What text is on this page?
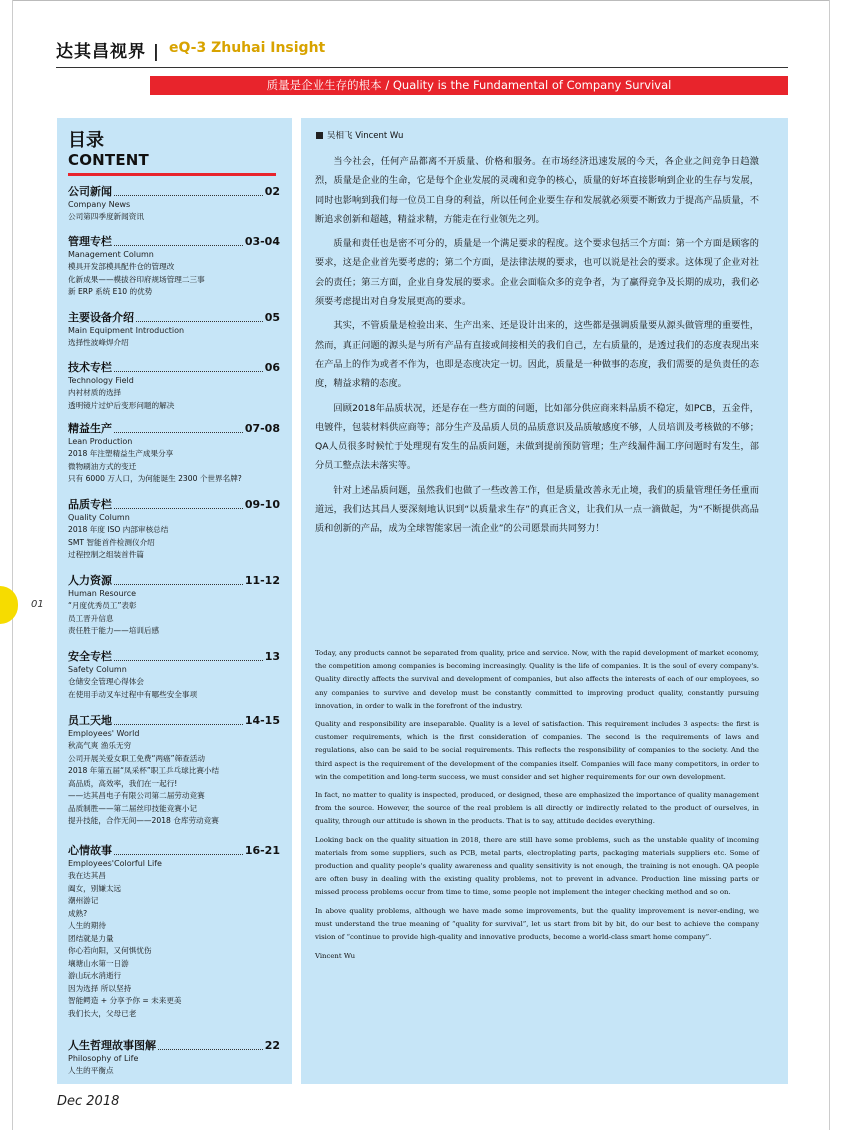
达其昌视界 | eQ-3 Zhuhai Insight
质量是企业生存的根本 / Quality is the Fundamental of Company Survival
目录
CONTENT
公司新闻	02
Company News
公司第四季度新闻资讯
管理专栏	03-04
Management Column
模具开发部模具配件仓的管理改
化新成果——模拔谷印府规场管理二三事
新 ERP 系统 E10 的优势
主要设备介绍	05
Main Equipment Introduction
选择性波峰焊介绍
技术专栏	06
Technology Field
内衬材质的选择
透明镜片过炉后变形问题的解决
精益生产	07-08
Lean Production
2018 年注塑精益生产成果分享
微物刷油方式的变迁
只有 6000 万人口，为何能诞生 2300 个世界名牌?
品质专栏	09-10
Quality Column
2018 年度 ISO 内部审核总结
SMT 智能首件检测仪介绍
过程控制之组装首件篇
人力资源	11-12
Human Resource
“月度优秀员工”表彰
员工晋升信息
责任胜于能力——培训后感
安全专栏	13
Safety Column
仓储安全管理心得体会
在使用手动叉车过程中有哪些安全事项
员工天地	14-15
Employees' World
秋高气爽 渔乐无穷
公司开展关爱女职工免费“两癌”筛查活动
2018 年第五届“凤采杯”职工乒乓球比赛小结
高品质，高效率，我们在一起行!
——达其昌电子有限公司第二届劳动竞赛
品质制胜——第二届丝印技能竞赛小记
提升技能，合作无间——2018 仓库劳动竞赛
心情故事	16-21
Employees'Colorful Life
我在达其昌
阖女，别嫌太远
潮州游记
成熟?
人生的期待
团结就是力量
你心若向阳，又何惧忧伤
壤塘山水第一日游
游山玩水消逝行
因为选择 所以坚持
智能鳄造 + 分享予你 = 未来更美
我们长大，父母已老
人生哲理故事图解	22
Philosophy of Life
人生的平衡点
吴相飞 Vincent Wu

当今社会，任何产品都离不开质量、价格和服务。在市场经济迅速发展的今天，各企业之间竞争日趋激烈，质量是企业的生命，它是每个企业发展的灵魂和竞争的核心，质量的好坏直接影响到企业的生存与发展，同时也影响到我们每一位员工自身的利益，所以任何企业要生存和发展就必须要不断致力于提高产品质量，不断追求创新和超越，精益求精，方能走在行业领先之列。

质量和责任也是密不可分的，质量是一个满足要求的程度。这个要求包括三个方面：第一个方面是顾客的要求，这是企业首先要考虑的；第二个方面，是法律法规的要求，也可以说是社会的要求。这体现了企业对社会的责任；第三方面，企业自身发展的要求。企业会面临众多的竞争者，为了赢得竞争及长期的成功，我们必须要考虑提出对自身发展更高的要求。

其实，不管质量是检验出来、生产出来、还是设计出来的，这些都是强调质量要从源头做管理的重要性，然而，真正问题的源头是与所有产品有直接或间接相关的我们自己，左右质量的，是透过我们的态度表现出来在产品上的作为或者不作为，也即是态度决定一切。因此，质量是一种做事的态度，我们需要的是负责任的态度，精益求精的态度。

回顾2018年品质状况，还是存在一些方面的问题，比如部分供应商来料品质不稳定，如PCB，五金件，电镀件，包装材料供应商等；部分生产及品质人员的品质意识及品质敏感度不够，人员培训及考核做的不够；QA人员很多时候忙于处理现有发生的品质问题，未做到提前预防管理；生产线漏件漏工序问题时有发生，部分员工整点法未落实等。

针对上述品质问题，虽然我们也做了一些改善工作，但是质量改善永无止境，我们的质量管理任务任重而道远，我们达其昌人要深刻地认识到“以质量求生存”的真正含义，让我们从一点一滴做起，为“不断提供高品质和创新的产品，成为全球智能家居一流企业”的公司愿景而共同努力！

Today, any products cannot be separated from quality, price and service. Now, with the rapid development of market economy, the competition among companies is becoming increasingly. Quality is the life of companies. It is the soul of every company's. Quality directly affects the survival and development of companies, but also affects the interests of each of our employees, so any companies to survive and develop must be constantly committed to improving product quality, constantly pursuing innovation, in order to walk in the forefront of the industry.

Quality and responsibility are inseparable. Quality is a level of satisfaction. This requirement includes 3 aspects: the first is customer requirements, which is the first consideration of companies. The second is the requirements of laws and regulations, also can be said to be social requirements. This reflects the responsibility of companies to the society. And the third aspect is the requirement of the development of the companies itself. Companies will face many competitors, in order to win the competition and long-term success, we must consider and set higher requirements for our own development.

In fact, no matter to quality is inspected, produced, or designed, these are emphasized the importance of quality management from the source. However, the source of the real problem is all directly or indirectly related to the product of ourselves, in quality, through our attitude is shown in the products. That is to say, attitude decides everything.

Looking back on the quality situation in 2018, there are still have some problems, such as the unstable quality of incoming materials from some suppliers, such as PCB, metal parts, electroplating parts, packaging materials suppliers etc. Some of production and quality people's quality awareness and quality sensitivity is not enough, the training is not enough. QA people are often busy in dealing with the existing quality problems, not to prevent in advance. Production line missing parts or missed process problems occur from time to time, some people not implement the integer checking method and so on.

In above quality problems, although we have made some improvements, but the quality improvement is never-ending, we must understand the true meaning of “quality for survival”, let us start from bit by bit, do our best to achieve the company vision of “continue to provide high-quality and innovative products, become a world-class smart home company”.

Vincent Wu
01
Dec 2018
